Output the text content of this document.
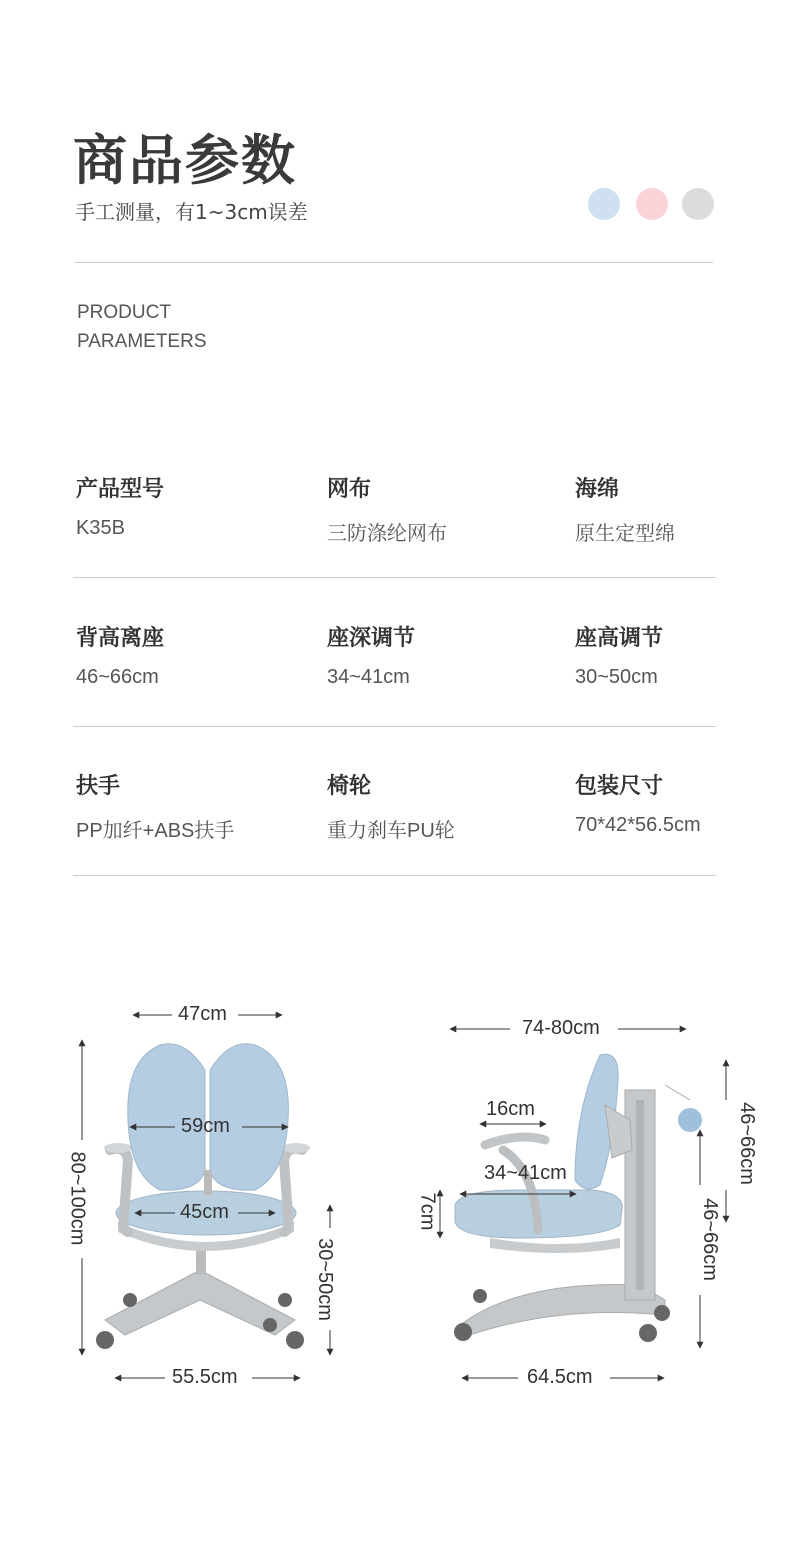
商品参数
手工测量，有1~3cm误差
PRODUCT
PARAMETERS
产品型号
K35B
网布
三防涤纶网布
海绵
原生定型绵
背高离座
46~66cm
座深调节
34~41cm
座高调节
30~50cm
扶手
PP加纤+ABS扶手
椅轮
重力刹车PU轮
包装尺寸
70*42*56.5cm
47cm
59cm
45cm
55.5cm
80~100cm
30~50cm
74-80cm
16cm
34~41cm
7cm
46~66cm
46~66cm
64.5cm
